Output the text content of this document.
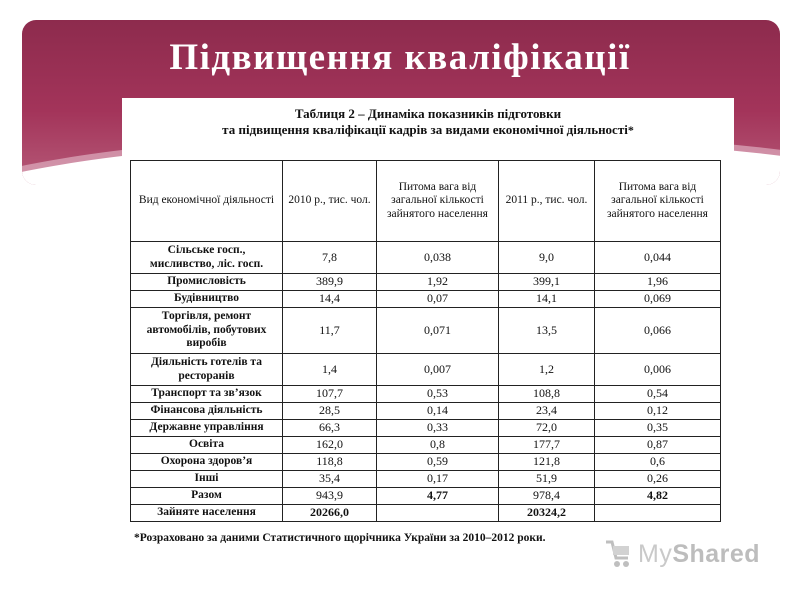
Підвищення кваліфікації
Таблиця 2 – Динаміка показників підготовки
та підвищення кваліфікації кадрів за видами економічної діяльності*
Вид економічної діяльності	2010 р., тис. чол.	Питома вага від загальної кількості зайнятого населення	2011 р., тис. чол.	Питома вага від загальної кількості зайнятого населення
Сільське госп., мисливство, ліс. госп.	7,8	0,038	9,0	0,044
Промисловість	389,9	1,92	399,1	1,96
Будівництво	14,4	0,07	14,1	0,069
Торгівля, ремонт автомобілів, побутових виробів	11,7	0,071	13,5	0,066
Діяльність готелів та ресторанів	1,4	0,007	1,2	0,006
Транспорт та зв’язок	107,7	0,53	108,8	0,54
Фінансова діяльність	28,5	0,14	23,4	0,12
Державне управління	66,3	0,33	72,0	0,35
Освіта	162,0	0,8	177,7	0,87
Охорона здоров’я	118,8	0,59	121,8	0,6
Інші	35,4	0,17	51,9	0,26
Разом	943,9	4,77	978,4	4,82
Зайняте населення	20266,0		20324,2	
*Розраховано за даними Статистичного щорічника України за 2010–2012 роки.
MyShared
